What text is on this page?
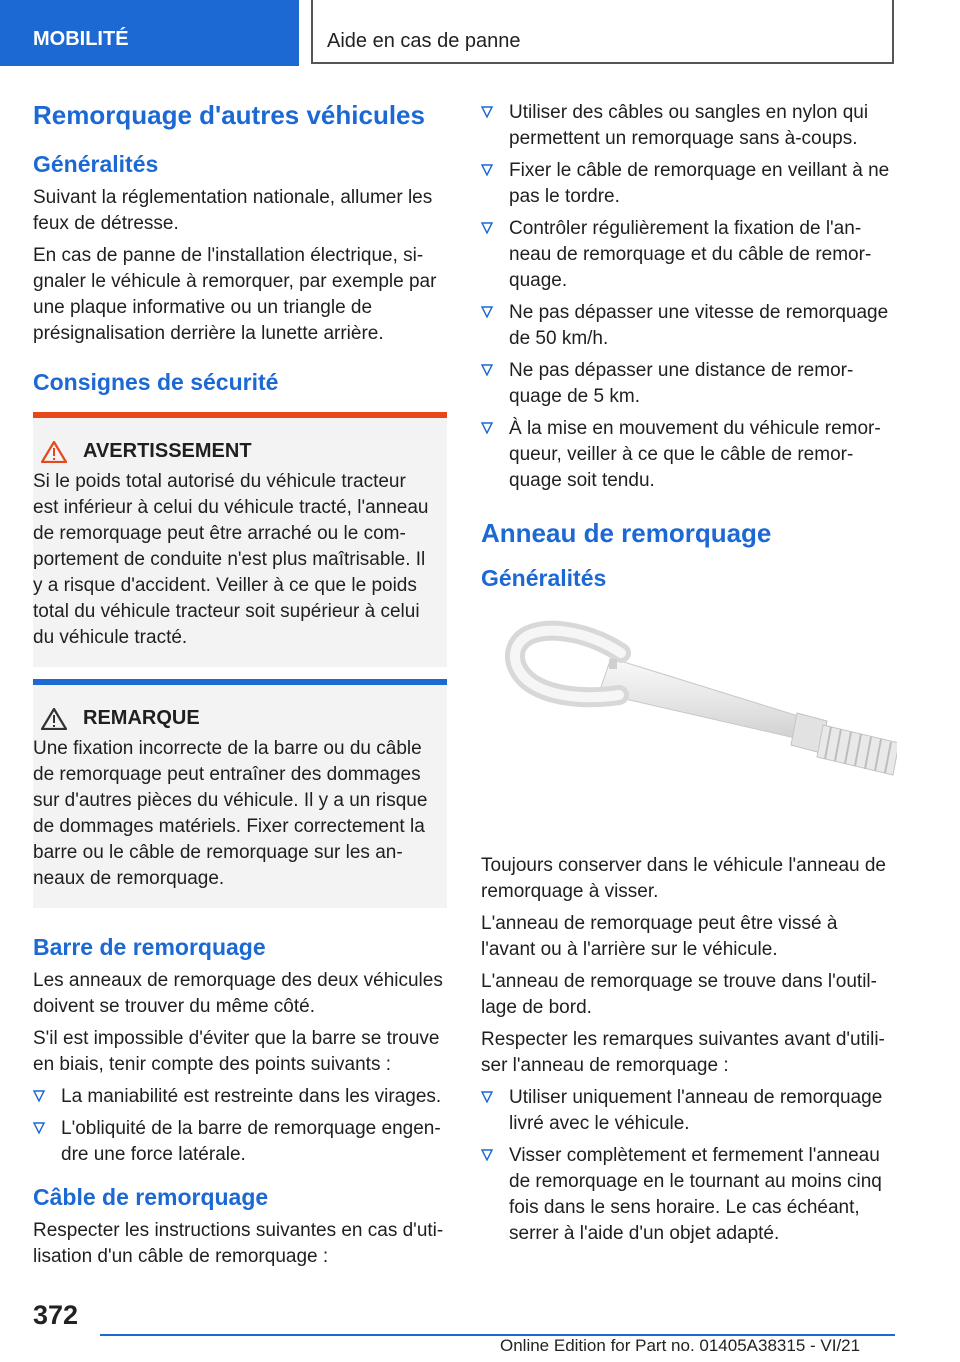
MOBILITÉ	Aide en cas de panne
Remorquage d'autres véhicules
Généralités

Suivant la réglementation nationale, allumer les feux de détresse.

En cas de panne de l'installation électrique, signaler le véhicule à remorquer, par exemple par une plaque informative ou un triangle de présignalisation derrière la lunette arrière.

Consignes de sécurité
AVERTISSEMENT

Si le poids total autorisé du véhicule tracteur est inférieur à celui du véhicule tracté, l'anneau de remorquage peut être arraché ou le comportement de conduite n'est plus maîtrisable. Il y a risque d'accident. Veiller à ce que le poids total du véhicule tracteur soit supérieur à celui du véhicule tracté.

REMARQUE

Une fixation incorrecte de la barre ou du câble de remorquage peut entraîner des dommages sur d'autres pièces du véhicule. Il y a un risque de dommages matériels. Fixer correctement la barre ou le câble de remorquage sur les anneaux de remorquage.

Barre de remorquage

Les anneaux de remorquage des deux véhicules doivent se trouver du même côté.

S'il est impossible d'éviter que la barre se trouve en biais, tenir compte des points suivants :

La maniabilité est restreinte dans les virages.
L'obliquité de la barre de remorquage engendre une force latérale.
Câble de remorquage

Respecter les instructions suivantes en cas d'utilisation d'un câble de remorquage :

Utiliser des câbles ou sangles en nylon qui permettent un remorquage sans à-coups.
Fixer le câble de remorquage en veillant à ne pas le tordre.
Contrôler régulièrement la fixation de l'anneau de remorquage et du câble de remorquage.
Ne pas dépasser une vitesse de remorquage de 50 km/h.
Ne pas dépasser une distance de remorquage de 5 km.
À la mise en mouvement du véhicule remorqueur, veiller à ce que le câble de remorquage soit tendu.
Anneau de remorquage
Généralités

Toujours conserver dans le véhicule l'anneau de remorquage à visser.

L'anneau de remorquage peut être vissé à l'avant ou à l'arrière sur le véhicule.

L'anneau de remorquage se trouve dans l'outillage de bord.

Respecter les remarques suivantes avant d'utiliser l'anneau de remorquage :

Utiliser uniquement l'anneau de remorquage livré avec le véhicule.
Visser complètement et fermement l'anneau de remorquage en le tournant au moins cinq fois dans le sens horaire. Le cas échéant, serrer à l'aide d'un objet adapté.
372
Online Edition for Part no. 01405A38315 - VI/21
